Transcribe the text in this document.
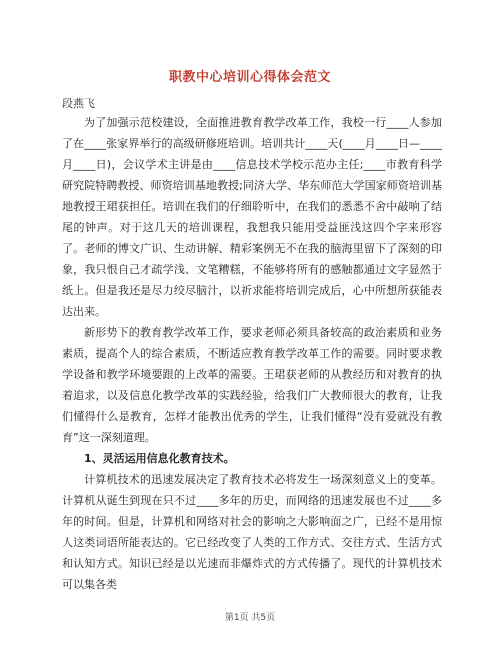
职教中心培训心得体会范文
段燕飞

为了加强示范校建设，全面推进教育教学改革工作，我校一行____人参加了在____张家界举行的高级研修班培训。培训共计____天(____月____日—____月____日)，会议学术主讲是由____信息技术学校示范办主任;____市教育科学研究院特聘教授、师资培训基地教授;同济大学、华东师范大学国家师资培训基地教授王珺获担任。培训在我们的仔细聆听中，在我们的悉悉不舍中敲响了结尾的钟声。对于这几天的培训课程，我想我只能用受益匪浅这四个字来形容了。老师的博文广识、生动讲解、精彩案例无不在我的脑海里留下了深刻的印象，我只恨自己才疏学浅、文笔糟糕，不能够将所有的感触都通过文字显然于纸上。但是我还是尽力绞尽脑汁，以祈求能将培训完成后，心中所想所获能表达出来。

新形势下的教育教学改革工作，要求老师必须具备较高的政治素质和业务素质，提高个人的综合素质，不断适应教育教学改革工作的需要。同时要求教学设备和教学环境要跟的上改革的需要。王珺获老师的从教经历和对教育的执着追求，以及信息化教学改革的实践经验，给我们广大教师很大的教育，让我们懂得什么是教育，怎样才能教出优秀的学生，让我们懂得“没有爱就没有教育”这一深刻道理。

1、灵活运用信息化教育技术。

计算机技术的迅速发展决定了教育技术必将发生一场深刻意义上的变革。计算机从诞生到现在只不过____多年的历史，而网络的迅速发展也不过____多年的时间。但是，计算机和网络对社会的影响之大影响面之广，已经不是用惊人这类词语所能表达的。它已经改变了人类的工作方式、交往方式、生活方式和认知方式。知识已经是以光速而非爆炸式的方式传播了。现代的计算机技术可以集各类

第1页 共5页
